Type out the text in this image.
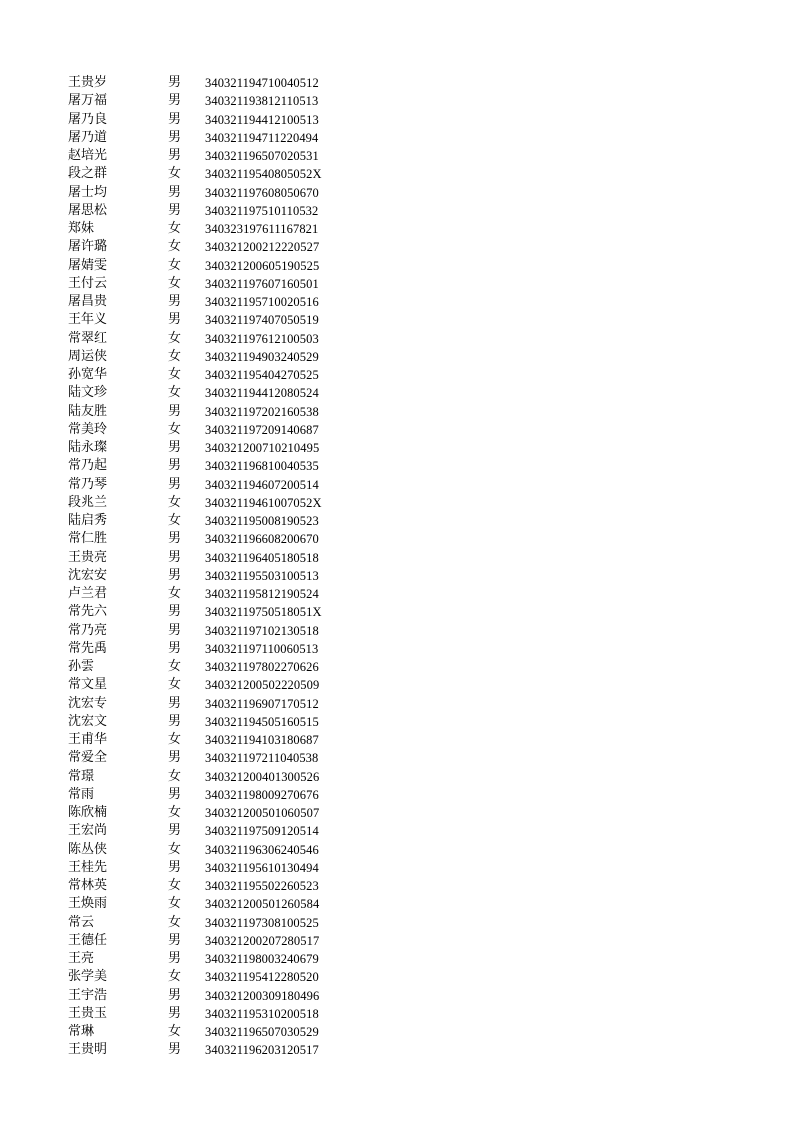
王贵岁	男	340321194710040512
屠万福	男	340321193812110513
屠乃良	男	340321194412100513
屠乃道	男	340321194711220494
赵培光	男	340321196507020531
段之群	女	34032119540805052X
屠士均	男	340321197608050670
屠思松	男	340321197510110532
郑妹	女	340323197611167821
屠许璐	女	340321200212220527
屠婧雯	女	340321200605190525
王付云	女	340321197607160501
屠昌贵	男	340321195710020516
王年义	男	340321197407050519
常翠红	女	340321197612100503
周运侠	女	340321194903240529
孙宽华	女	340321195404270525
陆文珍	女	340321194412080524
陆友胜	男	340321197202160538
常美玲	女	340321197209140687
陆永璨	男	340321200710210495
常乃起	男	340321196810040535
常乃琴	男	340321194607200514
段兆兰	女	34032119461007052X
陆启秀	女	340321195008190523
常仁胜	男	340321196608200670
王贵亮	男	340321196405180518
沈宏安	男	340321195503100513
卢兰君	女	340321195812190524
常先六	男	34032119750518051X
常乃亮	男	340321197102130518
常先禹	男	340321197110060513
孙雲	女	340321197802270626
常文星	女	340321200502220509
沈宏专	男	340321196907170512
沈宏文	男	340321194505160515
王甫华	女	340321194103180687
常爱全	男	340321197211040538
常璟	女	340321200401300526
常雨	男	340321198009270676
陈欣楠	女	340321200501060507
王宏尚	男	340321197509120514
陈丛侠	女	340321196306240546
王桂先	男	340321195610130494
常林英	女	340321195502260523
王焕雨	女	340321200501260584
常云	女	340321197308100525
王德任	男	340321200207280517
王亮	男	340321198003240679
张学美	女	340321195412280520
王宇浩	男	340321200309180496
王贵玉	男	340321195310200518
常琳	女	340321196507030529
王贵明	男	340321196203120517
